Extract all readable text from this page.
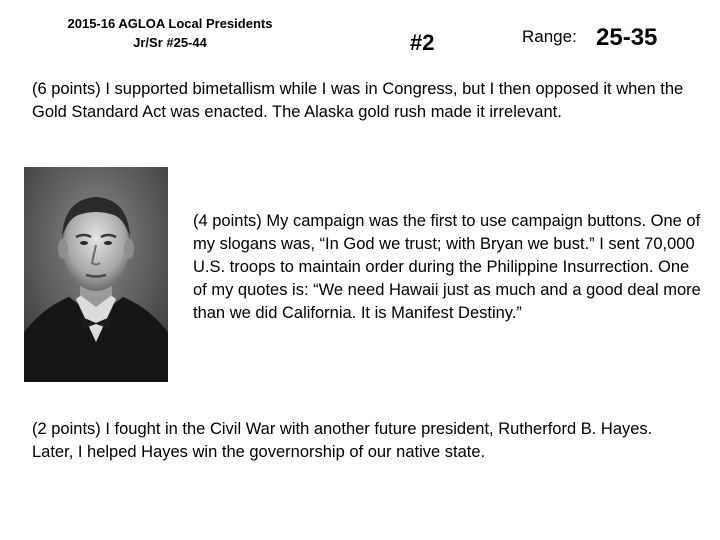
2015-16 AGLOA Local Presidents
Jr/Sr #25-44	#2	Range: 25-35
(6 points) I supported bimetallism while I was in Congress, but I then opposed it when the Gold Standard Act was enacted. The Alaska gold rush made it irrelevant.
(4 points) My campaign was the first to use campaign buttons. One of my slogans was, “In God we trust; with Bryan we bust.” I sent 70,000 U.S. troops to maintain order during the Philippine Insurrection. One of my quotes is: “We need Hawaii just as much and a good deal more than we did California. It is Manifest Destiny.”
(2 points) I fought in the Civil War with another future president, Rutherford B. Hayes. Later, I helped Hayes win the governorship of our native state.
